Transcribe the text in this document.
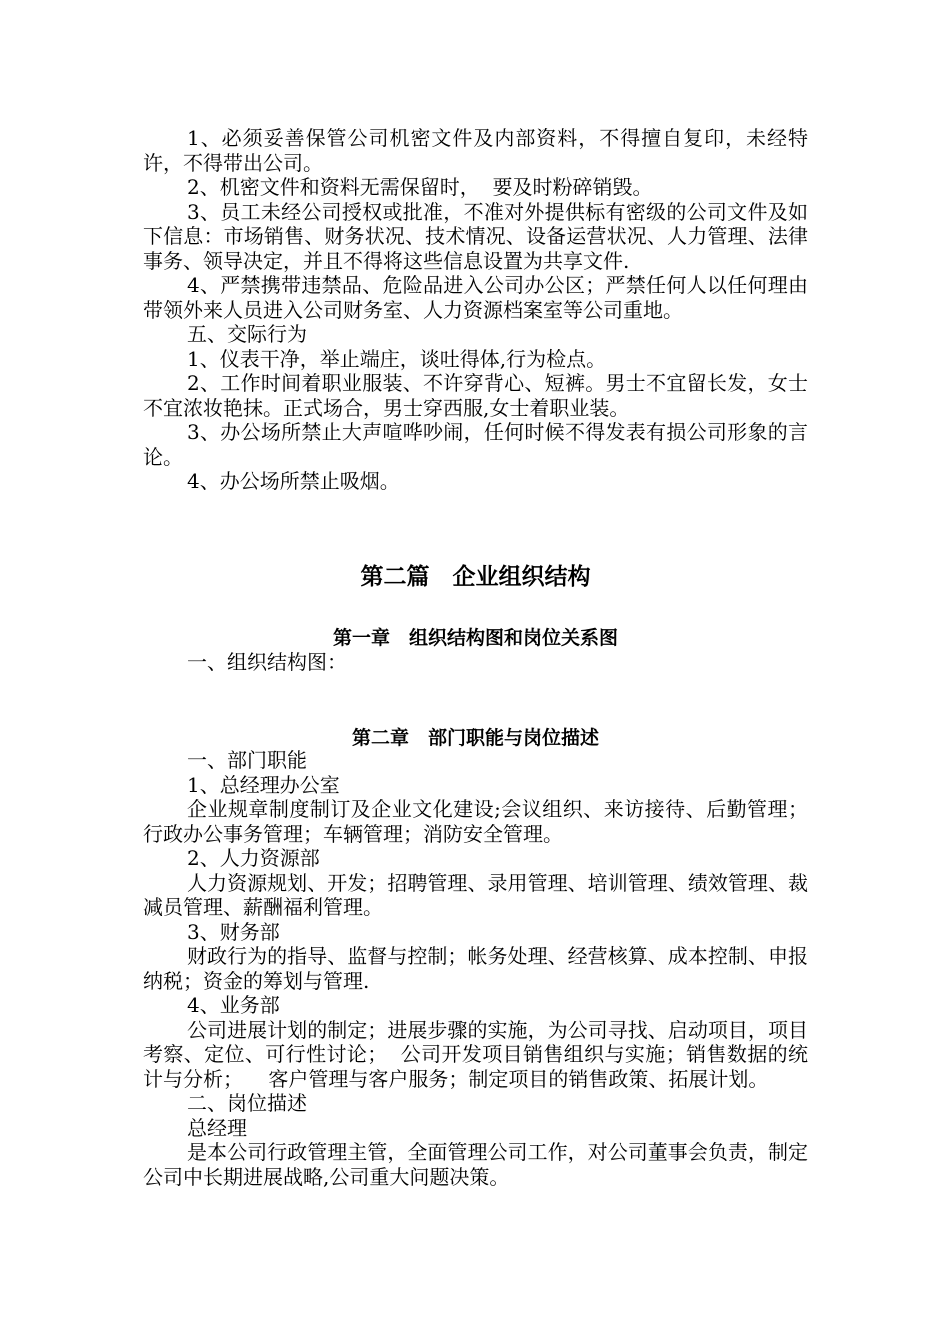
1、必须妥善保管公司机密文件及内部资料，不得擅自复印，未经特许，不得带出公司。

2、机密文件和资料无需保留时，  要及时粉碎销毁。

3、员工未经公司授权或批准，不准对外提供标有密级的公司文件及如下信息：市场销售、财务状况、技术情况、设备运营状况、人力管理、法律事务、领导决定，并且不得将这些信息设置为共享文件.

4、严禁携带违禁品、危险品进入公司办公区；严禁任何人以任何理由带领外来人员进入公司财务室、人力资源档案室等公司重地。

五、交际行为

1、仪表干净，举止端庄，谈吐得体,行为检点。

2、工作时间着职业服装、不许穿背心、短裤。男士不宜留长发，女士不宜浓妆艳抹。正式场合，男士穿西服,女士着职业装。

3、办公场所禁止大声喧哗吵闹，任何时候不得发表有损公司形象的言论。

4、办公场所禁止吸烟。

第二篇　企业组织结构
第一章　组织结构图和岗位关系图

一、组织结构图：

第二章　部门职能与岗位描述

一、部门职能

1、总经理办公室

企业规章制度制订及企业文化建设;会议组织、来访接待、后勤管理；行政办公事务管理；车辆管理；消防安全管理。

2、人力资源部

人力资源规划、开发；招聘管理、录用管理、培训管理、绩效管理、裁减员管理、薪酬福利管理。

3、财务部

财政行为的指导、监督与控制；帐务处理、经营核算、成本控制、申报纳税；资金的筹划与管理.

4、业务部

公司进展计划的制定；进展步骤的实施，为公司寻找、启动项目，项目考察、定位、可行性讨论；  公司开发项目销售组织与实施；销售数据的统计与分析；    客户管理与客户服务；制定项目的销售政策、拓展计划。

二、岗位描述

总经理

是本公司行政管理主管，全面管理公司工作，对公司董事会负责，制定公司中长期进展战略,公司重大问题决策。
